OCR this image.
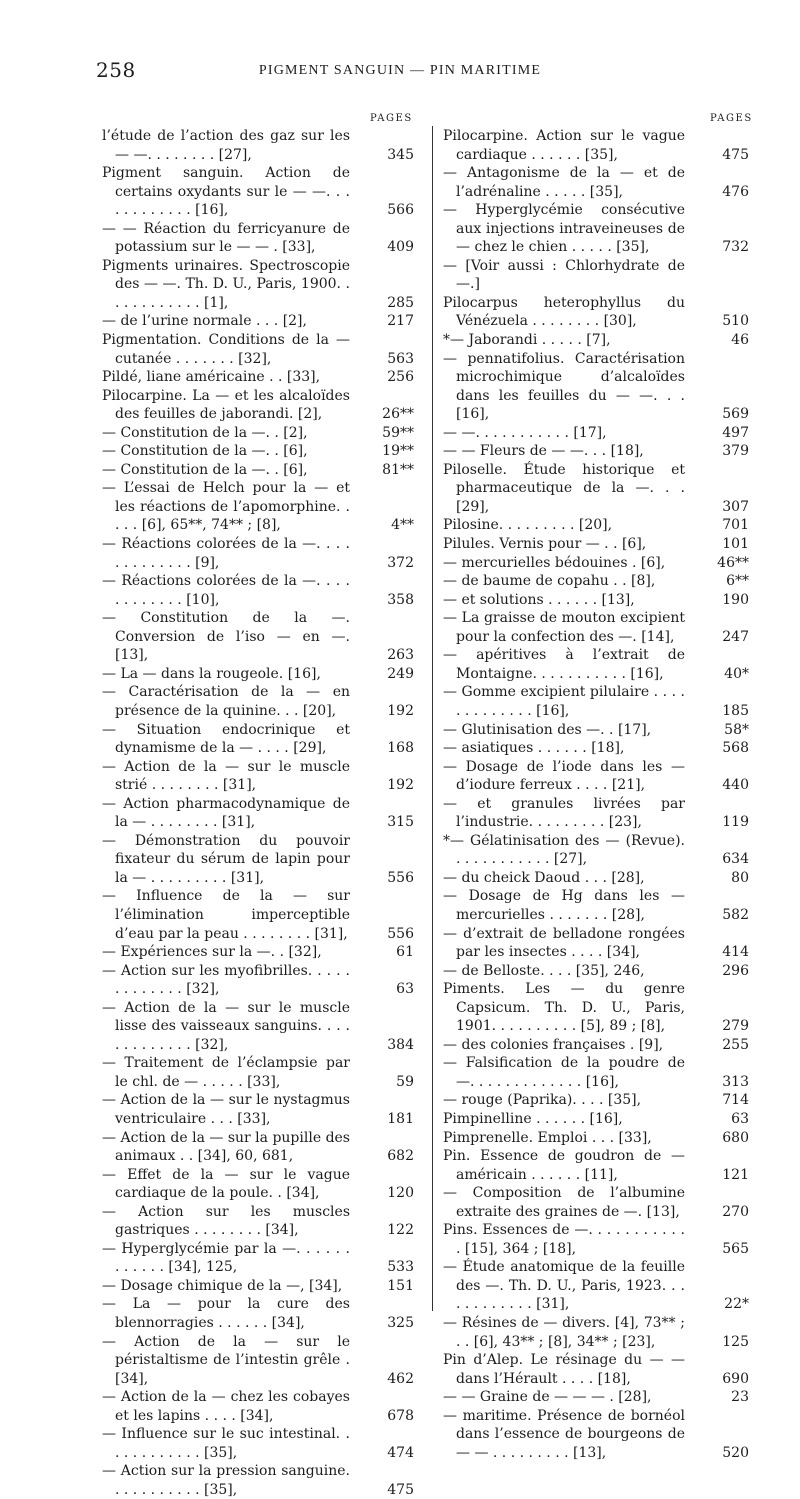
258	PIGMENT SANGUIN — PIN MARITIME
PAGES	PAGES
l’étude de l’action des gaz sur les — —. . . . . . . . [27],	345
Pigment sanguin. Action de certains oxydants sur le — —. . . . . . . . . . . . [16],	566
— — Réaction du ferricyanure de potassium sur le — — . [33],	409
Pigments urinaires. Spectroscopie des — —. Th. D. U., Paris, 1900. . . . . . . . . . . . [1],	285
— de l’urine normale . . . [2],	217
Pigmentation. Conditions de la — cutanée . . . . . . . [32],	563
Pildé, liane américaine . . [33],	256
Pilocarpine. La — et les alcaloïdes des feuilles de jaborandi. [2],	26**
— Constitution de la —. . [2],	59**
— Constitution de la —. . [6],	19**
— Constitution de la —. . [6],	81**
— L’essai de Helch pour la — et les réactions de l’apomorphine. . . . . [6], 65**, 74** ; [8],	4**
— Réactions colorées de la —. . . . . . . . . . . . . [9],	372
— Réactions colorées de la —. . . . . . . . . . . . [10],	358
— Constitution de la —. Conversion de l’iso — en —. [13],	263
— La — dans la rougeole. [16],	249
— Caractérisation de la — en présence de la quinine. . . [20],	192
— Situation endocrinique et dynamisme de la — . . . . [29],	168
— Action de la — sur le muscle strié . . . . . . . . [31],	192
— Action pharmacodynamique de la — . . . . . . . . [31],	315
— Démonstration du pouvoir fixateur du sérum de lapin pour la — . . . . . . . . . [31],	556
— Influence de la — sur l’élimination imperceptible d’eau par la peau . . . . . . . . [31],	556
— Expériences sur la —. . [32],	61
— Action sur les myofibrilles. . . . . . . . . . . . . [32],	63
— Action de la — sur le muscle lisse des vaisseaux sanguins. . . . . . . . . . . . . [32],	384
— Traitement de l’éclampsie par le chl. de — . . . . . [33],	59
— Action de la — sur le nystagmus ventriculaire . . . [33],	181
— Action de la — sur la pupille des animaux . . [34], 60, 681,	682
— Effet de la — sur le vague cardiaque de la poule. . [34],	120
— Action sur les muscles gastriques . . . . . . . . [34],	122
— Hyperglycémie par la —. . . . . . . . . . . . [34], 125,	533
— Dosage chimique de la —, [34],	151
— La — pour la cure des blennorragies . . . . . . [34],	325
— Action de la — sur le péristaltisme de l’intestin grêle . [34],	462
— Action de la — chez les cobayes et les lapins . . . . [34],	678
— Influence sur le suc intestinal. . . . . . . . . . . . [35],	474
— Action sur la pression sanguine. . . . . . . . . . . [35],	475
Pilocarpine. Action sur le vague cardiaque . . . . . . [35],	475
— Antagonisme de la — et de l’adrénaline . . . . . [35],	476
— Hyperglycémie consécutive aux injections intraveineuses de — chez le chien . . . . . [35],	732
— [Voir aussi : Chlorhydrate de —.]
Pilocarpus heterophyllus du Vénézuela . . . . . . . . [30],	510
*— Jaborandi . . . . . [7],	46
— pennatifolius. Caractérisation microchimique d’alcaloïdes dans les feuilles du — —. . . [16],	569
— —. . . . . . . . . . . [17],	497
— — Fleurs de — —. . . [18],	379
Piloselle. Étude historique et pharmaceutique de la —. . . [29],	307
Pilosine. . . . . . . . . [20],	701
Pilules. Vernis pour — . . [6],	101
— mercurielles bédouines . [6],	46**
— de baume de copahu . . [8],	6**
— et solutions . . . . . . [13],	190
— La graisse de mouton excipient pour la confection des —. [14],	247
— apéritives à l’extrait de Montaigne. . . . . . . . . . . [16],	40*
— Gomme excipient pilulaire . . . . . . . . . . . . . [16],	185
— Glutinisation des —. . [17],	58*
— asiatiques . . . . . . [18],	568
— Dosage de l’iode dans les — d’iodure ferreux . . . . [21],	440
— et granules livrées par l’industrie. . . . . . . . . [23],	119
*— Gélatinisation des — (Revue). . . . . . . . . . . . [27],	634
— du cheick Daoud . . . [28],	80
— Dosage de Hg dans les — mercurielles . . . . . . . [28],	582
— d’extrait de belladone rongées par les insectes . . . . [34],	414
— de Belloste. . . . [35], 246,	296
Piments. Les — du genre Capsicum. Th. D. U., Paris, 1901. . . . . . . . . . [5], 89 ; [8],	279
— des colonies françaises . [9],	255
— Falsification de la poudre de —. . . . . . . . . . . . . [16],	313
— rouge (Paprika). . . . [35],	714
Pimpinelline . . . . . . [16],	63
Pimprenelle. Emploi . . . [33],	680
Pin. Essence de goudron de — américain . . . . . . [11],	121
— Composition de l’albumine extraite des graines de —. [13],	270
Pins. Essences de —. . . . . . . . . . . . [15], 364 ; [18],	565
— Étude anatomique de la feuille des —. Th. D. U., Paris, 1923. . . . . . . . . . . . [31],	22*
— Résines de — divers. [4], 73** ; . . [6], 43** ; [8], 34** ; [23],	125
Pin d’Alep. Le résinage du — — dans l’Hérault . . . . [18],	690
— — Graine de — — — . [28],	23
— maritime. Présence de bornéol dans l’essence de bourgeons de — — . . . . . . . . . [13],	520
